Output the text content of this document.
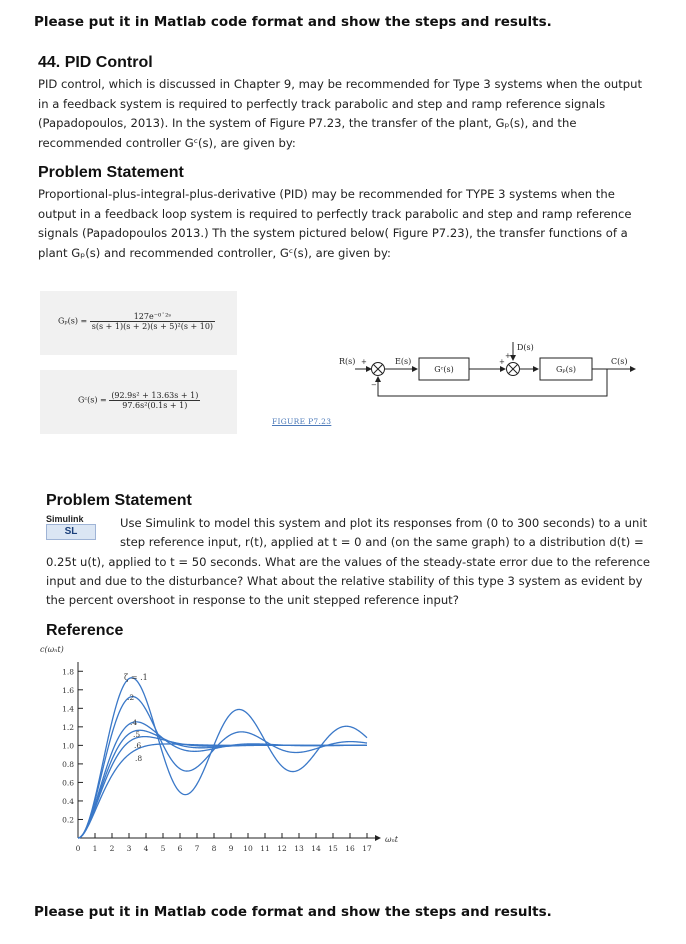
Please put it in Matlab code format and show the steps and results.
44. PID Control
PID control, which is discussed in Chapter 9, may be recommended for Type 3 systems when the output
in a feedback system is required to perfectly track parabolic and step and ramp reference signals
(Papadopoulos, 2013). In the system of Figure P7.23, the transfer of the plant, Gₚ(s), and the
recommended controller Gᶜ(s), are given by:
Problem Statement
Proportional-plus-integral-plus-derivative (PID) may be recommended for TYPE 3 systems when the
output in a feedback loop system is required to perfectly track parabolic and step and ramp reference
signals (Papadopoulos 2013.) Th the system pictured below( Figure P7.23), the transfer functions of a
plant Gₚ(s) and recommended controller, Gᶜ(s), are given by:
$G_p(s) = \frac{\text{127e⁻⁰˙²ˢ}}{\text{s(s + 1)(s + 2)(s + 5)²(s + 10)}}$
Gᶜ(s) = $\frac{\text{(92.9s² + 13.63s + 1)}}{\text{97.6s²(0.1s + 1)}}$
FIGURE P7.23
R(s) +
−
E(s)
Gᶜ(s)
+
D(s)
+
Gₚ(s)
C(s)
Problem Statement
Simulink
SL
Use Simulink to model this system and plot its responses from (0 to 300 seconds) to a unit
step reference input, r(t), applied at t = 0 and (on the same graph) to a distribution d(t) =
0.25t u(t), applied to t = 50 seconds. What are the values of the steady-state error due to the reference
input and due to the disturbance? What about the relative stability of this type 3 system as evident by
the percent overshoot in response to the unit stepped reference input?
Reference
c(ωₙt)
ωₙt
1.8
1.6
1.4
1.2
1.0
0.8
0.6
0.4
0.2
0 1 2 3 4 5 6 7 8 9 10 11 12 13 14 15 16 17
ζ = .1
.2
.4
.5
.6
.8
Please put it in Matlab code format and show the steps and results.
